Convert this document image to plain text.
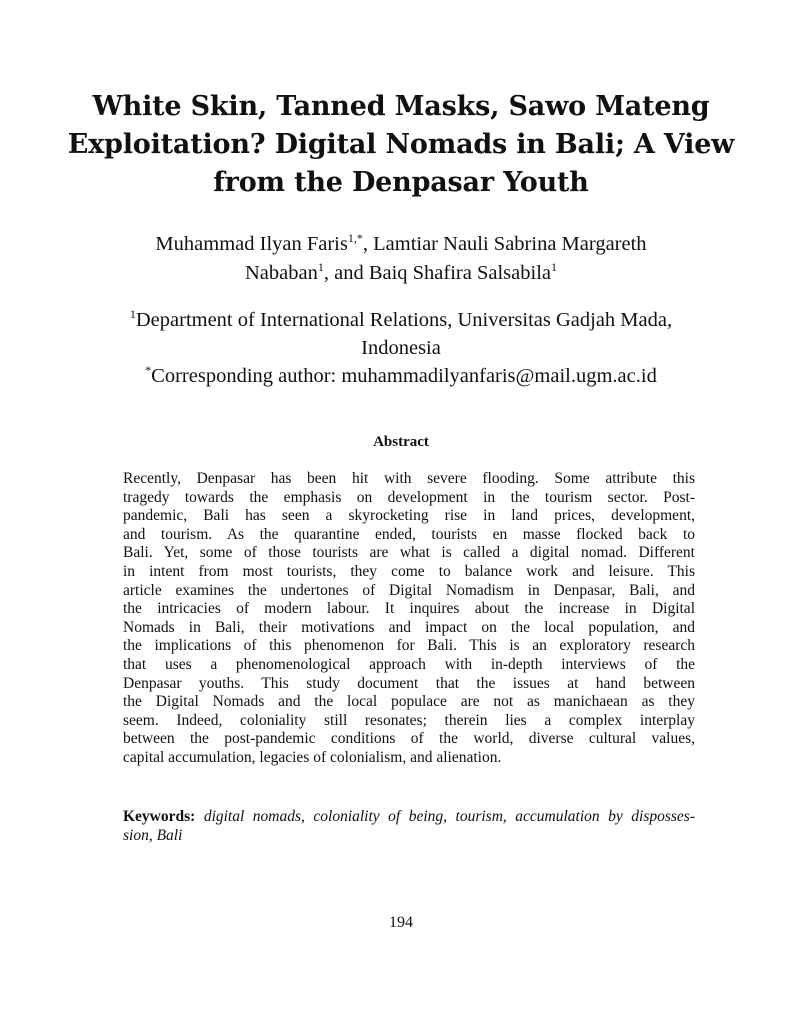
White Skin, Tanned Masks, Sawo Mateng
Exploitation? Digital Nomads in Bali; A View
from the Denpasar Youth
Muhammad Ilyan Faris$^{1,*}$, Lamtiar Nauli Sabrina Margareth
Nababan$^1$, and Baiq Shafira Salsabila$^1$
$^1$Department of International Relations, Universitas Gadjah Mada,
Indonesia
*Corresponding author: muhammadilyanfaris@mail.ugm.ac.id
Abstract
Recently, Denpasar has been hit with severe flooding. Some attribute this
tragedy towards the emphasis on development in the tourism sector. Post-
pandemic, Bali has seen a skyrocketing rise in land prices, development,
and tourism. As the quarantine ended, tourists en masse flocked back to
Bali. Yet, some of those tourists are what is called a digital nomad. Different
in intent from most tourists, they come to balance work and leisure. This
article examines the undertones of Digital Nomadism in Denpasar, Bali, and
the intricacies of modern labour. It inquires about the increase in Digital
Nomads in Bali, their motivations and impact on the local population, and
the implications of this phenomenon for Bali. This is an exploratory research
that uses a phenomenological approach with in-depth interviews of the
Denpasar youths. This study document that the issues at hand between
the Digital Nomads and the local populace are not as manichaean as they
seem. Indeed, coloniality still resonates; therein lies a complex interplay
between the post-pandemic conditions of the world, diverse cultural values,
capital accumulation, legacies of colonialism, and alienation.
Keywords: digital nomads, coloniality of being, tourism, accumulation by disposses-
sion, Bali
194
